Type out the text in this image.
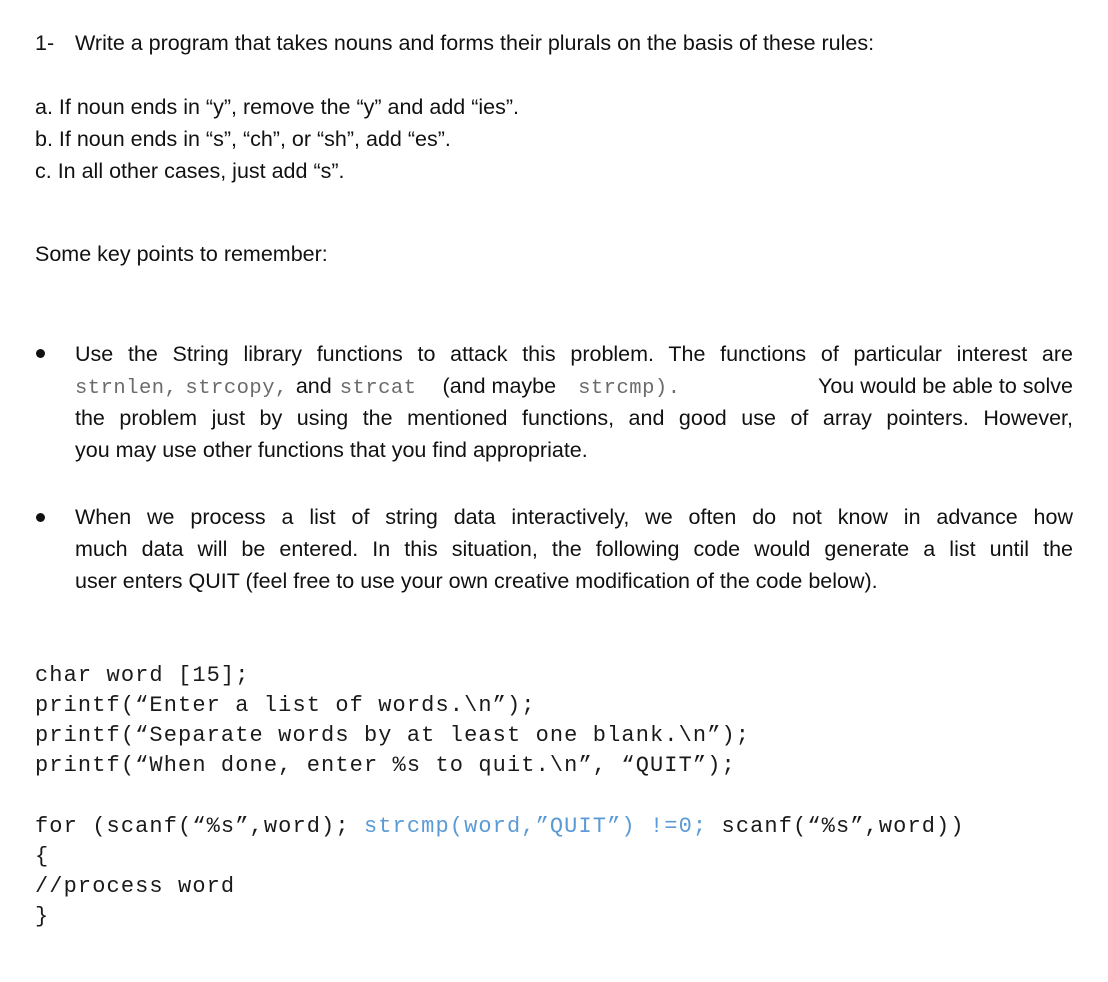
1- Write a program that takes nouns and forms their plurals on the basis of these rules:
a. If noun ends in “y”, remove the “y” and add “ies”.
b. If noun ends in “s”, “ch”, or “sh”, add “es”.
c. In all other cases, just add “s”.
Some key points to remember:
Use the String library functions to attack this problem. The functions of particular interest are
strnlen, strcopy, and strcat (and maybe strcmp).	You would be able to solve
the problem just by using the mentioned functions, and good use of array pointers. However,
you may use other functions that you find appropriate.
When we process a list of string data interactively, we often do not know in advance how
much data will be entered. In this situation, the following code would generate a list until the
user enters QUIT (feel free to use your own creative modification of the code below).
char word [15];
printf(“Enter a list of words.\n”);
printf(“Separate words by at least one blank.\n”);
printf(“When done, enter %s to quit.\n”, “QUIT”);
for (scanf(“%s”,word); strcmp(word,”QUIT”) !=0; scanf(“%s”,word))
{
//process word
}
